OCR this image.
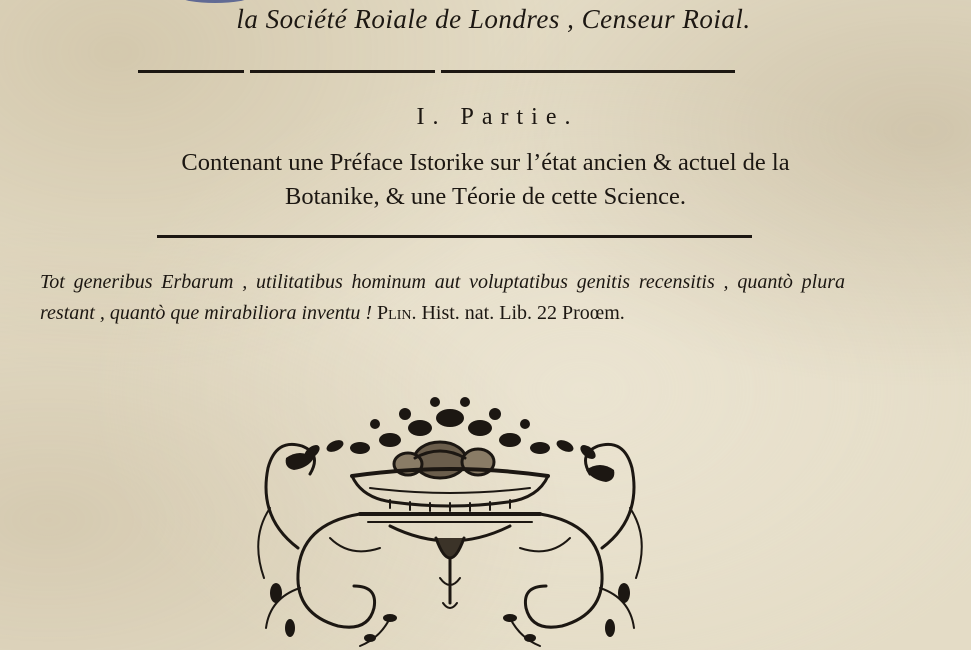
la Société Roiale de Londres , Censeur Roial.
I. Partie.
Contenant une Préface Istorike sur l’état ancien & actuel de la
Botanike, & une Téorie de cette Science.
Tot generibus Erbarum , utilitatibus hominum aut voluptatibus genitis recensitis , quantò plura restant , quantò que mirabiliora inventu ! Plin. Hist. nat. Lib. 22 Proœm.
